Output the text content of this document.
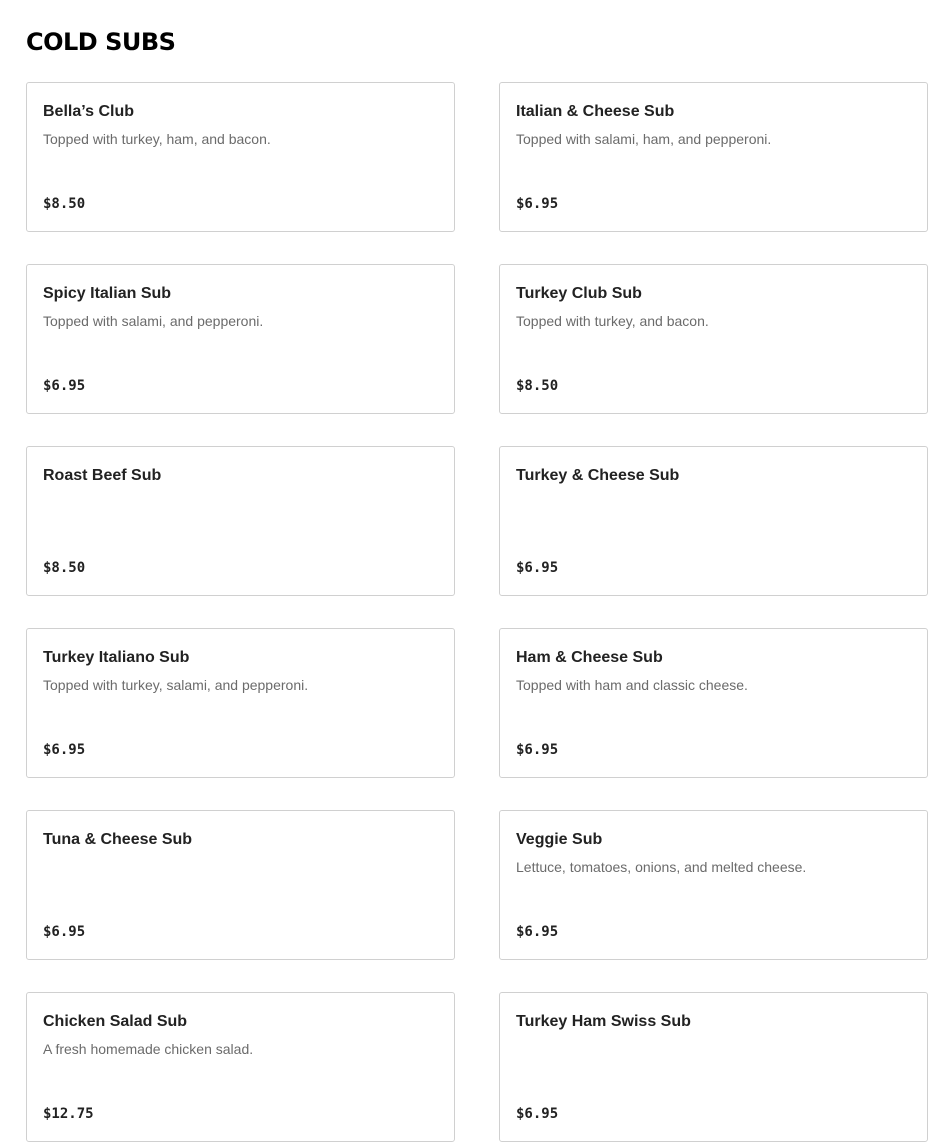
COLD SUBS
Bella’s Club
Topped with turkey, ham, and bacon.
$8.50
Italian & Cheese Sub
Topped with salami, ham, and pepperoni.
$6.95
Spicy Italian Sub
Topped with salami, and pepperoni.
$6.95
Turkey Club Sub
Topped with turkey, and bacon.
$8.50
Roast Beef Sub
$8.50
Turkey & Cheese Sub
$6.95
Turkey Italiano Sub
Topped with turkey, salami, and pepperoni.
$6.95
Ham & Cheese Sub
Topped with ham and classic cheese.
$6.95
Tuna & Cheese Sub
$6.95
Veggie Sub
Lettuce, tomatoes, onions, and melted cheese.
$6.95
Chicken Salad Sub
A fresh homemade chicken salad.
$12.75
Turkey Ham Swiss Sub
$6.95
